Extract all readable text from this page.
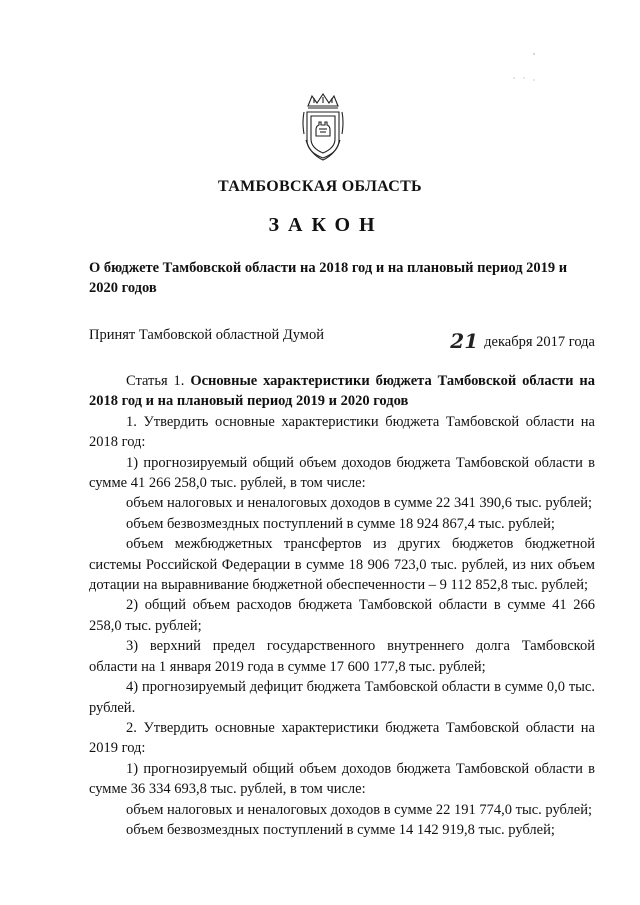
ТАМБОВСКАЯ ОБЛАСТЬ
ЗАКОН
О бюджете Тамбовской области на 2018 год и на плановый период 2019 и 2020 годов
Принят Тамбовской областной Думой	21 декабря 2017 года

Статья 1. Основные характеристики бюджета Тамбовской области на 2018 год и на плановый период 2019 и 2020 годов

1. Утвердить основные характеристики бюджета Тамбовской области на 2018 год:

1) прогнозируемый общий объем доходов бюджета Тамбовской области в сумме 41 266 258,0 тыс. рублей, в том числе:

объем налоговых и неналоговых доходов в сумме 22 341 390,6 тыс. рублей;

объем безвозмездных поступлений в сумме 18 924 867,4 тыс. рублей;

объем межбюджетных трансфертов из других бюджетов бюджетной системы Российской Федерации в сумме 18 906 723,0 тыс. рублей, из них объем дотации на выравнивание бюджетной обеспеченности – 9 112 852,8 тыс. рублей;

2) общий объем расходов бюджета Тамбовской области в сумме 41 266 258,0 тыс. рублей;

3) верхний предел государственного внутреннего долга Тамбовской области на 1 января 2019 года в сумме 17 600 177,8 тыс. рублей;

4) прогнозируемый дефицит бюджета Тамбовской области в сумме 0,0 тыс. рублей.

2. Утвердить основные характеристики бюджета Тамбовской области на 2019 год:

1) прогнозируемый общий объем доходов бюджета Тамбовской области в сумме 36 334 693,8 тыс. рублей, в том числе:

объем налоговых и неналоговых доходов в сумме 22 191 774,0 тыс. рублей;

объем безвозмездных поступлений в сумме 14 142 919,8 тыс. рублей;
